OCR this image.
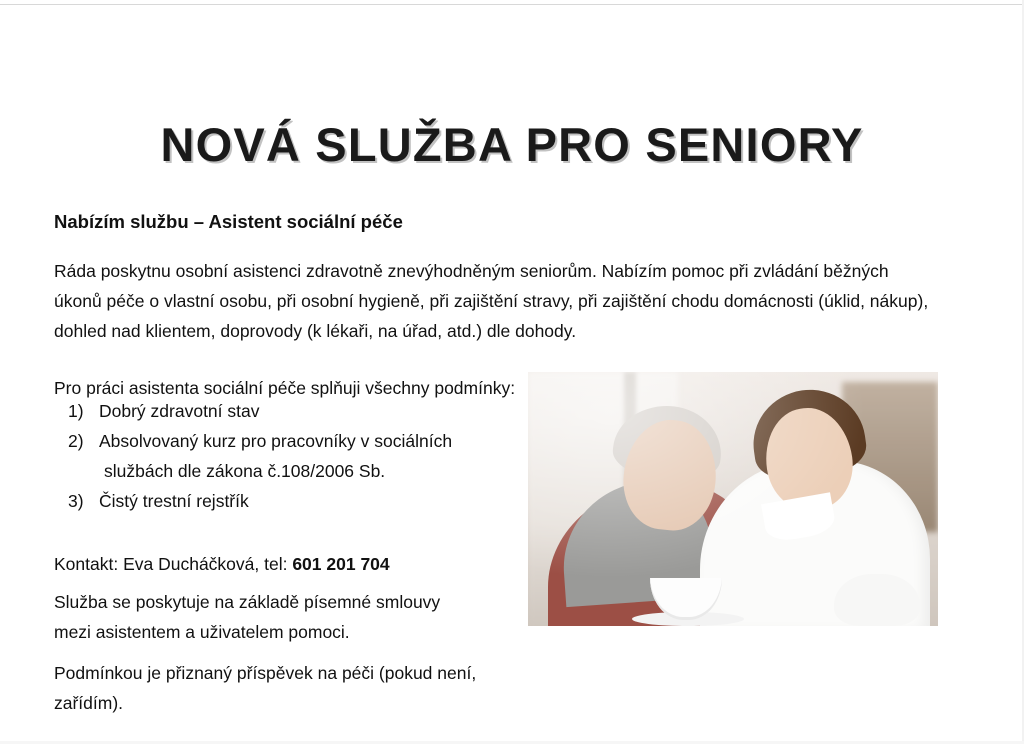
NOVÁ SLUŽBA PRO SENIORY
Nabízím službu – Asistent sociální péče

Ráda poskytnu osobní asistenci zdravotně znevýhodněným seniorům. Nabízím pomoc při zvládání běžných úkonů péče o vlastní osobu, při osobní hygieně, při zajištění stravy, při zajištění chodu domácnosti (úklid, nákup), dohled nad klientem, doprovody (k lékaři, na úřad, atd.) dle dohody.

Pro práci asistenta sociální péče splňuji všechny podmínky:

1) Dobrý zdravotní stav
2) Absolvovaný kurz pro pracovníky v sociálních
službách dle zákona č.108/2006 Sb.
3) Čistý trestní rejstřík

Kontakt: Eva Ducháčková, tel: 601 201 704

Služba se poskytuje na základě písemné smlouvy
mezi asistentem a uživatelem pomoci.
Podmínkou je přiznaný příspěvek na péči (pokud není, zařídím).
